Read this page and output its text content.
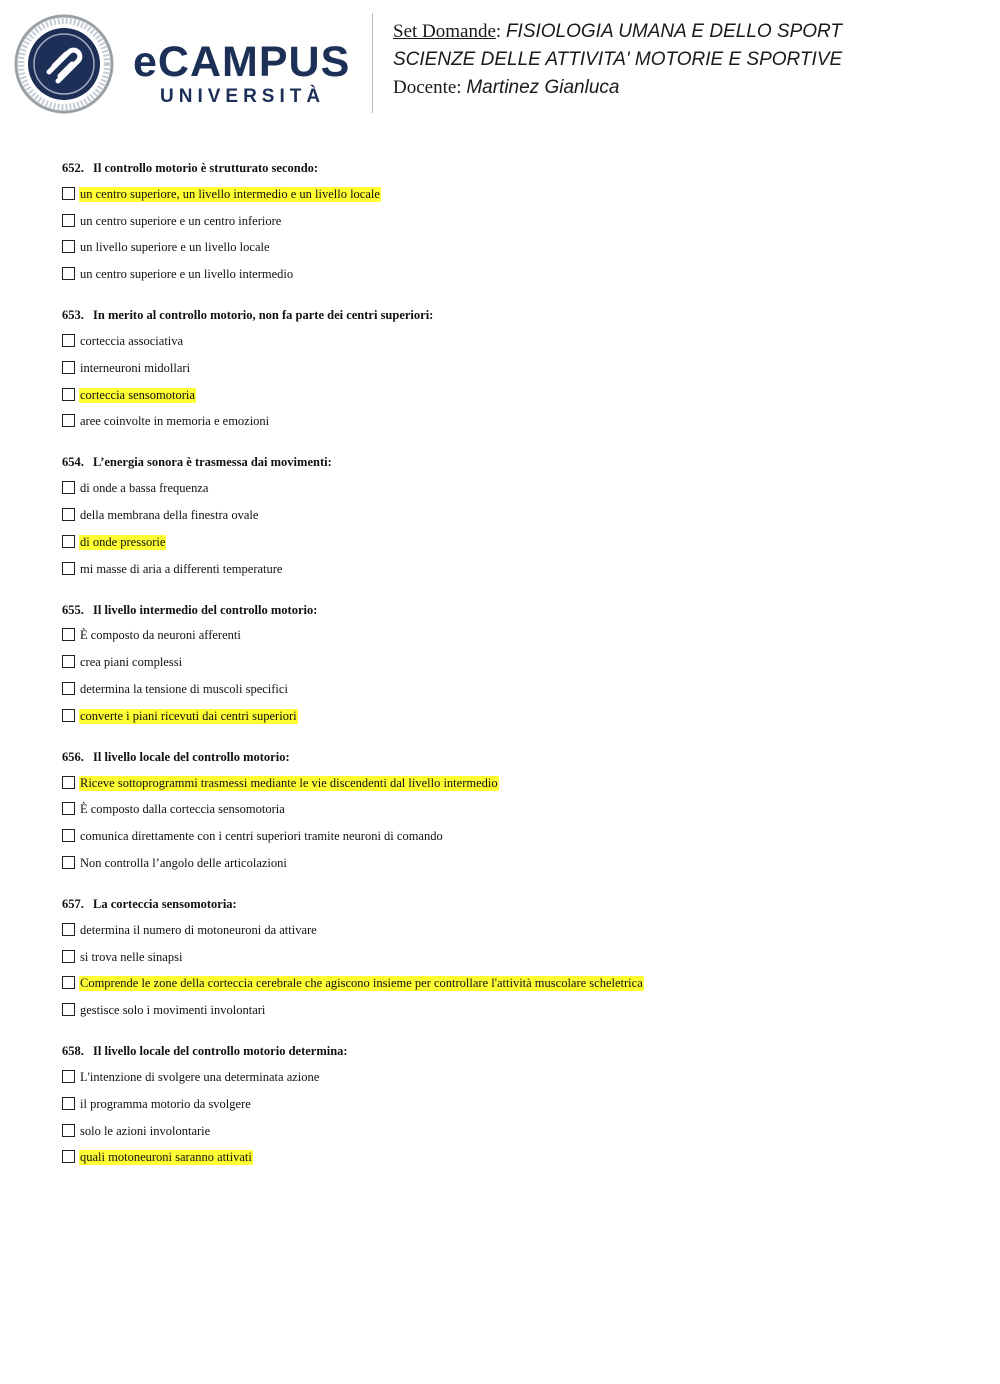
eCAMPUS
UNIVERSITÀ
Set Domande: FISIOLOGIA UMANA E DELLO SPORT
SCIENZE DELLE ATTIVITA' MOTORIE E SPORTIVE
Docente: Martinez Gianluca
652. Il controllo motorio è strutturato secondo:
un centro superiore, un livello intermedio e un livello locale
un centro superiore e un centro inferiore
un livello superiore e un livello locale
un centro superiore e un livello intermedio
653. In merito al controllo motorio, non fa parte dei centri superiori:
corteccia associativa
interneuroni midollari
corteccia sensomotoria
aree coinvolte in memoria e emozioni
654. L’energia sonora è trasmessa dai movimenti:
di onde a bassa frequenza
della membrana della finestra ovale
di onde pressorie
mi masse di aria a differenti temperature
655. Il livello intermedio del controllo motorio:
È composto da neuroni afferenti
crea piani complessi
determina la tensione di muscoli specifici
converte i piani ricevuti dai centri superiori
656. Il livello locale del controllo motorio:
Riceve sottoprogrammi trasmessi mediante le vie discendenti dal livello intermedio
È composto dalla corteccia sensomotoria
comunica direttamente con i centri superiori tramite neuroni di comando
Non controlla l’angolo delle articolazioni
657. La corteccia sensomotoria:
determina il numero di motoneuroni da attivare
si trova nelle sinapsi
Comprende le zone della corteccia cerebrale che agiscono insieme per controllare l'attività muscolare scheletrica
gestisce solo i movimenti involontari
658. Il livello locale del controllo motorio determina:
L'intenzione di svolgere una determinata azione
il programma motorio da svolgere
solo le azioni involontarie
quali motoneuroni saranno attivati
